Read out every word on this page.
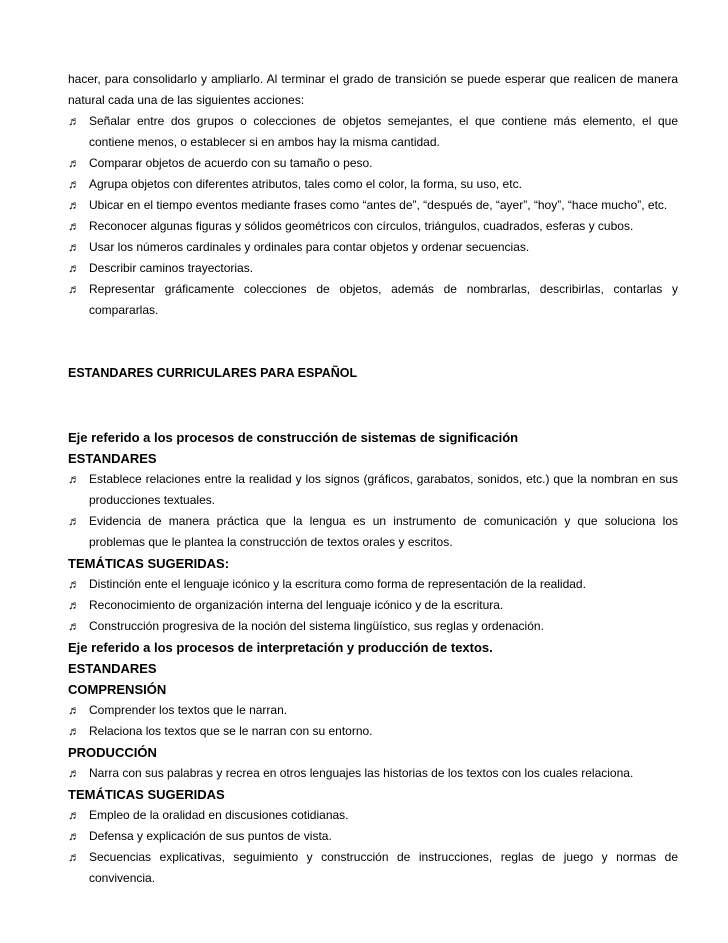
hacer, para consolidarlo y ampliarlo. Al terminar el grado de transición se puede esperar que realicen de manera natural cada una de las siguientes acciones:

♬ Señalar entre dos grupos o colecciones de objetos semejantes, el que contiene más elemento, el que contiene menos, o establecer si en ambos hay la misma cantidad.
♬ Comparar objetos de acuerdo con su tamaño o peso.
♬ Agrupa objetos con diferentes atributos, tales como el color, la forma, su uso, etc.
♬ Ubicar en el tiempo eventos mediante frases como “antes de”, “después de, “ayer”, “hoy”, “hace mucho”, etc.
♬ Reconocer algunas figuras y sólidos geométricos con círculos, triángulos, cuadrados, esferas y cubos.
♬ Usar los números cardinales y ordinales para contar objetos y ordenar secuencias.
♬ Describir caminos trayectorias.
♬ Representar gráficamente colecciones de objetos, además de nombrarlas, describirlas, contarlas y compararlas.
ESTANDARES CURRICULARES PARA ESPAÑOL
Eje referido a los procesos de construcción de sistemas de significación
ESTANDARES
♬ Establece relaciones entre la realidad y los signos (gráficos, garabatos, sonidos, etc.) que la nombran en sus producciones textuales.
♬ Evidencia de manera práctica que la lengua es un instrumento de comunicación y que soluciona los problemas que le plantea la construcción de textos orales y escritos.
TEMÁTICAS SUGERIDAS:
♬ Distinción ente el lenguaje icónico y la escritura como forma de representación de la realidad.
♬ Reconocimiento de organización interna del lenguaje icónico y de la escritura.
♬ Construcción progresiva de la noción del sistema lingüístico, sus reglas y ordenación.
Eje referido a los procesos de interpretación y producción de textos.
ESTANDARES
COMPRENSIÓN
♬ Comprender los textos que le narran.
♬ Relaciona los textos que se le narran con su entorno.
PRODUCCIÓN
♬ Narra con sus palabras y recrea en otros lenguajes las historias de los textos con los cuales relaciona.
TEMÁTICAS SUGERIDAS
♬ Empleo de la oralidad en discusiones cotidianas.
♬ Defensa y explicación de sus puntos de vista.
♬ Secuencias explicativas, seguimiento y construcción de instrucciones, reglas de juego y normas de convivencia.
